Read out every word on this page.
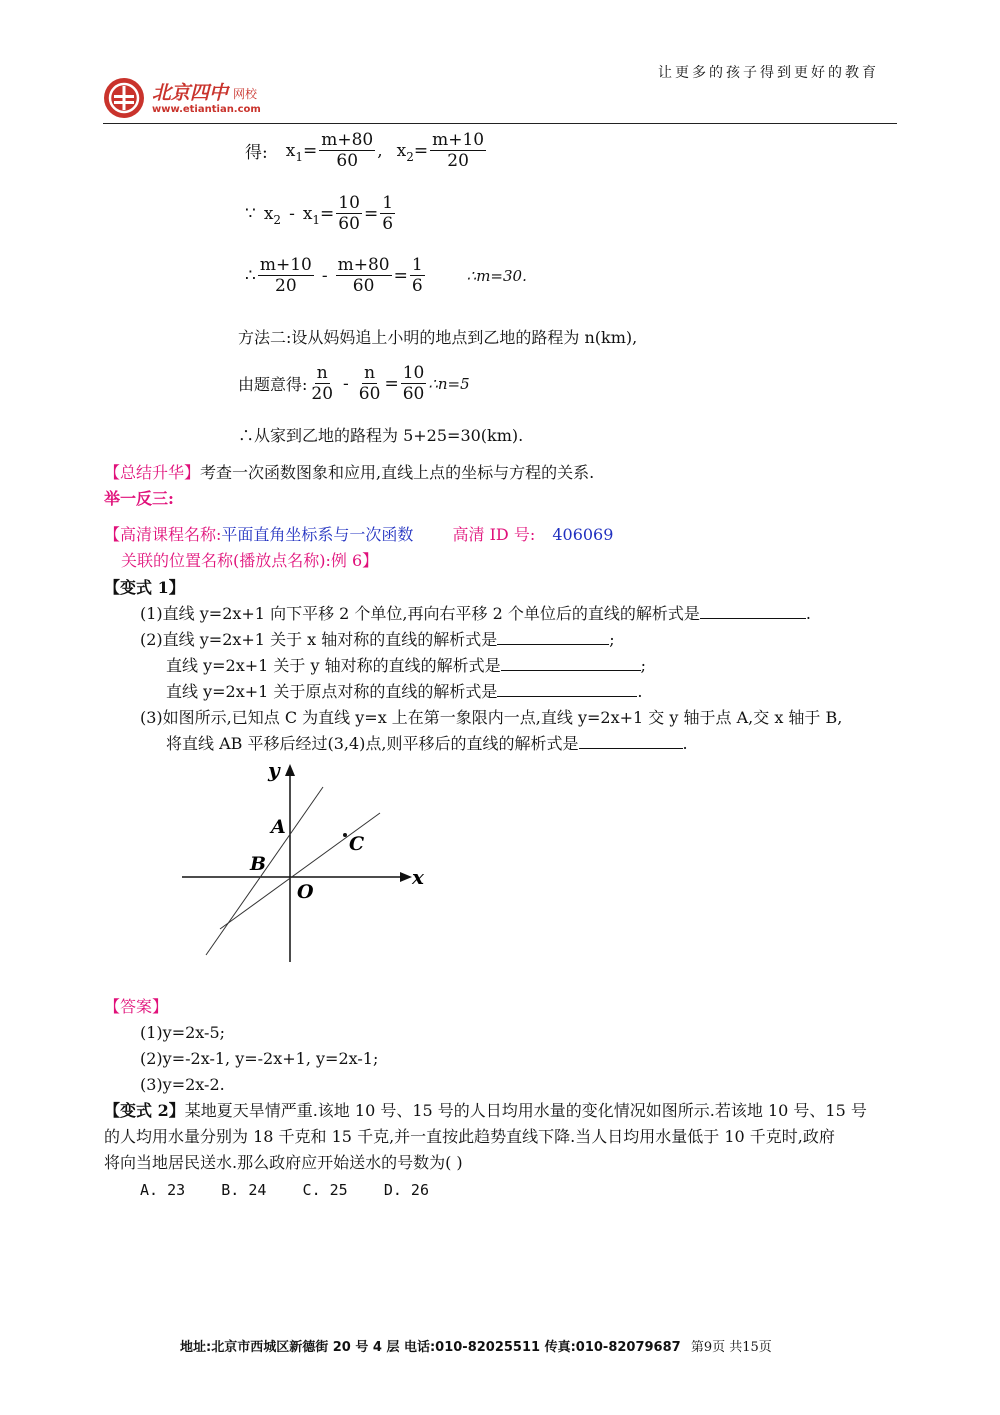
让更多的孩子得到更好的教育
北京四中 网校
www.etiantian.com
得: x $1 = \frac{m+80}{60}$ , x $2 = \frac{m+10}{20}$
∵ x 2 - x $1 = \frac{10}{60} = \frac{1}{6}$
∴ $\frac{m+10}{20} - \frac{m+80}{60} = \frac{1}{6}$	∴m=30.
方法二:设从妈妈追上小明的地点到乙地的路程为 n(km),
由题意得: $\frac{n}{20} - \frac{n}{60} = \frac{10}{60}$ ∴n=5
∴从家到乙地的路程为 5+25=30(km).
【总结升华】考查一次函数图象和应用,直线上点的坐标与方程的关系.
举一反三:
【高清课程名称:平面直角坐标系与一次函数 高清 ID 号: 406069
关联的位置名称(播放点名称):例 6】
【变式 1】
(1)直线 y=2x+1 向下平移 2 个单位,再向右平移 2 个单位后的直线的解析式是	.
(2)直线 y=2x+1 关于 x 轴对称的直线的解析式是	;
直线 y=2x+1 关于 y 轴对称的直线的解析式是	;
直线 y=2x+1 关于原点对称的直线的解析式是	.
(3)如图所示,已知点 C 为直线 y=x 上在第一象限内一点,直线 y=2x+1 交 y 轴于点 A,交 x 轴于 B,
将直线 AB 平移后经过(3,4)点,则平移后的直线的解析式是	.
y
x
O
A
B
C
【答案】
(1)y=2x-5;
(2)y=-2x-1, y=-2x+1, y=2x-1;
(3)y=2x-2.
【变式 2】某地夏天旱情严重.该地 10 号、15 号的人日均用水量的变化情况如图所示.若该地 10 号、15 号
的人均用水量分别为 18 千克和 15 千克,并一直按此趋势直线下降.当人日均用水量低于 10 千克时,政府
将向当地居民送水.那么政府应开始送水的号数为( )
A. 23    B. 24    C. 25    D. 26
地址:北京市西城区新德街 20 号 4 层 电话:010-82025511 传真:010-82079687 第9页 共15页
